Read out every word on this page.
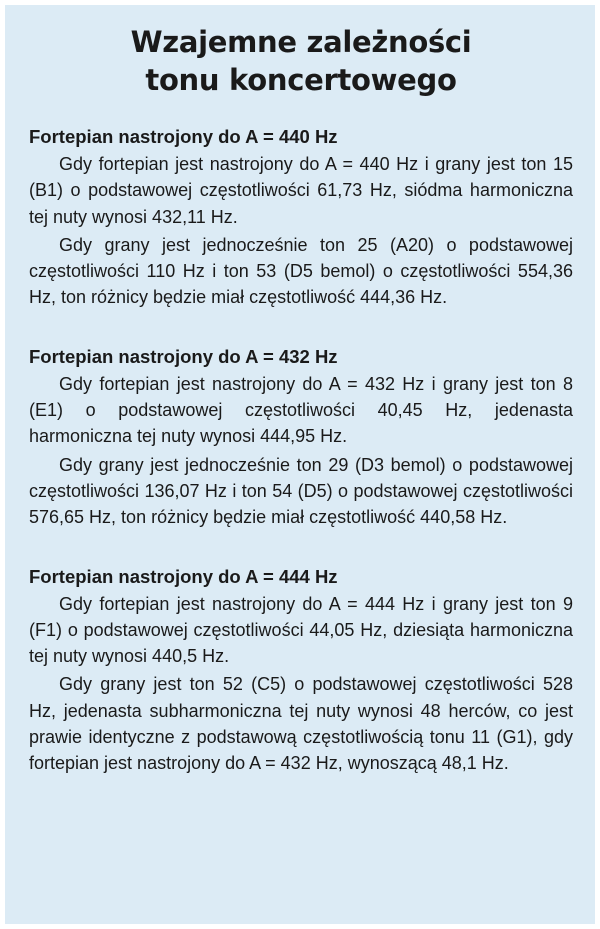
Wzajemne zależności
tonu koncertowego
Fortepian nastrojony do A = 440 Hz

Gdy fortepian jest nastrojony do A = 440 Hz i grany jest ton 15 (B1) o podstawowej częstotliwości 61,73 Hz, siódma harmoniczna tej nuty wynosi 432,11 Hz.

Gdy grany jest jednocześnie ton 25 (A20) o podstawowej częstotliwości 110 Hz i ton 53 (D5 bemol) o częstotliwości 554,36 Hz, ton różnicy będzie miał częstotliwość 444,36 Hz.

Fortepian nastrojony do A = 432 Hz

Gdy fortepian jest nastrojony do A = 432 Hz i grany jest ton 8 (E1) o podstawowej częstotliwości 40,45 Hz, jedenasta harmoniczna tej nuty wynosi 444,95 Hz.

Gdy grany jest jednocześnie ton 29 (D3 bemol) o podstawowej częstotliwości 136,07 Hz i ton 54 (D5) o podstawowej częstotliwości 576,65 Hz, ton różnicy będzie miał częstotliwość 440,58 Hz.

Fortepian nastrojony do A = 444 Hz

Gdy fortepian jest nastrojony do A = 444 Hz i grany jest ton 9 (F1) o podstawowej częstotliwości 44,05 Hz, dziesiąta harmoniczna tej nuty wynosi 440,5 Hz.

Gdy grany jest ton 52 (C5) o podstawowej częstotliwości 528 Hz, jedenasta subharmoniczna tej nuty wynosi 48 herców, co jest prawie identyczne z podstawową częstotliwością tonu 11 (G1), gdy fortepian jest nastrojony do A = 432 Hz, wynoszącą 48,1 Hz.
